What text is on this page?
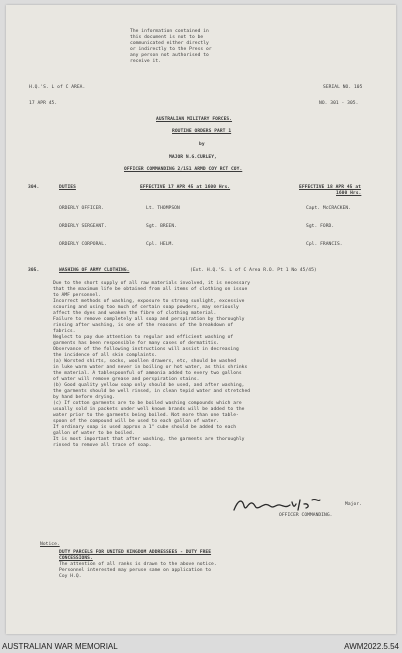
The information contained in
this document is not to be
communicated either directly
or indirectly to the Press or
any person not authorised to
receive it.
H.Q.'S. L of C AREA.	SERIAL NO. 105
17 APR 45.	NO. 301 - 305.
AUSTRALIAN MILITARY FORCES.
ROUTINE ORDERS PART 1
by
MAJOR N.G.CURLEY,
OFFICER COMMANDING 2/151 ARMD COY RCT COY.
304.	DUTIES	EFFECTIVE 17 APR 45 at 1600 Hrs.	EFFECTIVE 18 APR 45 at
1600 Hrs.
ORDERLY OFFICER.	Lt. THOMPSON	Capt. McCRACKEN.
ORDERLY SERGEANT.	Sgt. BREEN.	Sgt. FORD.
ORDERLY CORPORAL.	Cpl. HELM.	Cpl. FRANCIS.
305.	WASHING OF ARMY CLOTHING.	(Ext. H.Q.'S. L of C Area R.O. Pt 1 No 45/45)
Due to the short supply of all raw materials involved, it is necessary
that the maximum life be obtained from all items of clothing on issue
to AMF personnel.
Incorrect methods of washing, exposure to strong sunlight, excessive
scouring and using too much of certain soap powders, may seriously
affect the dyes and weaken the fibre of clothing material.
Failure to remove completely all soap and perspiration by thoroughly
rinsing after washing, is one of the reasons of the breakdown of
fabrics.
Neglect to pay due attention to regular and efficient washing of
garments has been responsible for many cases of dermatitis.
Observance of the following instructions will assist in decreasing
the incidence of all skin complaints.
(a) Worsted shirts, socks, woollen drawers, etc, should be washed
in luke warm water and never in boiling or hot water, as this shrinks
the material. A tablespoonful of ammonia added to every two gallons
of water will remove grease and perspiration stains.
(b) Good quality yellow soap only should be used, and after washing,
the garments should be well rinsed, in clean tepid water and stretched
by hand before drying.
(c) If cotton garments are to be boiled washing compounds which are
usually sold in packets under well known brands will be added to the
water prior to the garments being boiled. Not more than one table-
spoon of the compound will be used to each gallon of water.
If ordinary soap is used approx a 1" cube should be added to each
gallon of water to be boiled.
It is most important that after washing, the garments are thoroughly
rinsed to remove all trace of soap.
Major.
OFFICER COMMANDING.
Notice.
DUTY PARCELS FOR UNITED KINGDOM ADDRESSEES - DUTY FREE
CONCESSIONS.
The attention of all ranks is drawn to the above notice.
Personnel interested may peruse same on application to
Coy H.Q.
AUSTRALIAN WAR MEMORIAL	AWM2022.5.54
